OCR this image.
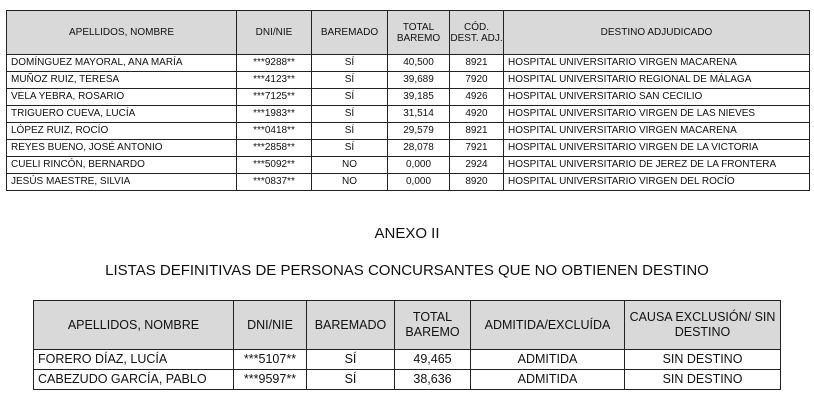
APELLIDOS, NOMBRE	DNI/NIE	BAREMADO	TOTAL BAREMO	CÓD. DEST. ADJ.	DESTINO ADJUDICADO
DOMÍNGUEZ MAYORAL, ANA MARÍA	***9288**	SÍ	40,500	8921	HOSPITAL UNIVERSITARIO VIRGEN MACARENA
MUÑOZ RUIZ, TERESA	***4123**	SÍ	39,689	7920	HOSPITAL UNIVERSITARIO REGIONAL DE MÁLAGA
VELA YEBRA, ROSARIO	***7125**	SÍ	39,185	4926	HOSPITAL UNIVERSITARIO SAN CECILIO
TRIGUERO CUEVA, LUCÍA	***1983**	SÍ	31,514	4920	HOSPITAL UNIVERSITARIO VIRGEN DE LAS NIEVES
LÓPEZ RUIZ, ROCÍO	***0418**	SÍ	29,579	8921	HOSPITAL UNIVERSITARIO VIRGEN MACARENA
REYES BUENO, JOSÉ ANTONIO	***2858**	SÍ	28,078	7921	HOSPITAL UNIVERSITARIO VIRGEN DE LA VICTORIA
CUELI RINCÓN, BERNARDO	***5092**	NO	0,000	2924	HOSPITAL UNIVERSITARIO DE JEREZ DE LA FRONTERA
JESÚS MAESTRE, SILVIA	***0837**	NO	0,000	8920	HOSPITAL UNIVERSITARIO VIRGEN DEL ROCÍO
ANEXO II
LISTAS DEFINITIVAS DE PERSONAS CONCURSANTES QUE NO OBTIENEN DESTINO
APELLIDOS, NOMBRE	DNI/NIE	BAREMADO	TOTAL BAREMO	ADMITIDA/EXCLUÍDA	CAUSA EXCLUSIÓN/ SIN DESTINO
FORERO DÍAZ, LUCÍA	***5107**	SÍ	49,465	ADMITIDA	SIN DESTINO
CABEZUDO GARCÍA, PABLO	***9597**	SÍ	38,636	ADMITIDA	SIN DESTINO
